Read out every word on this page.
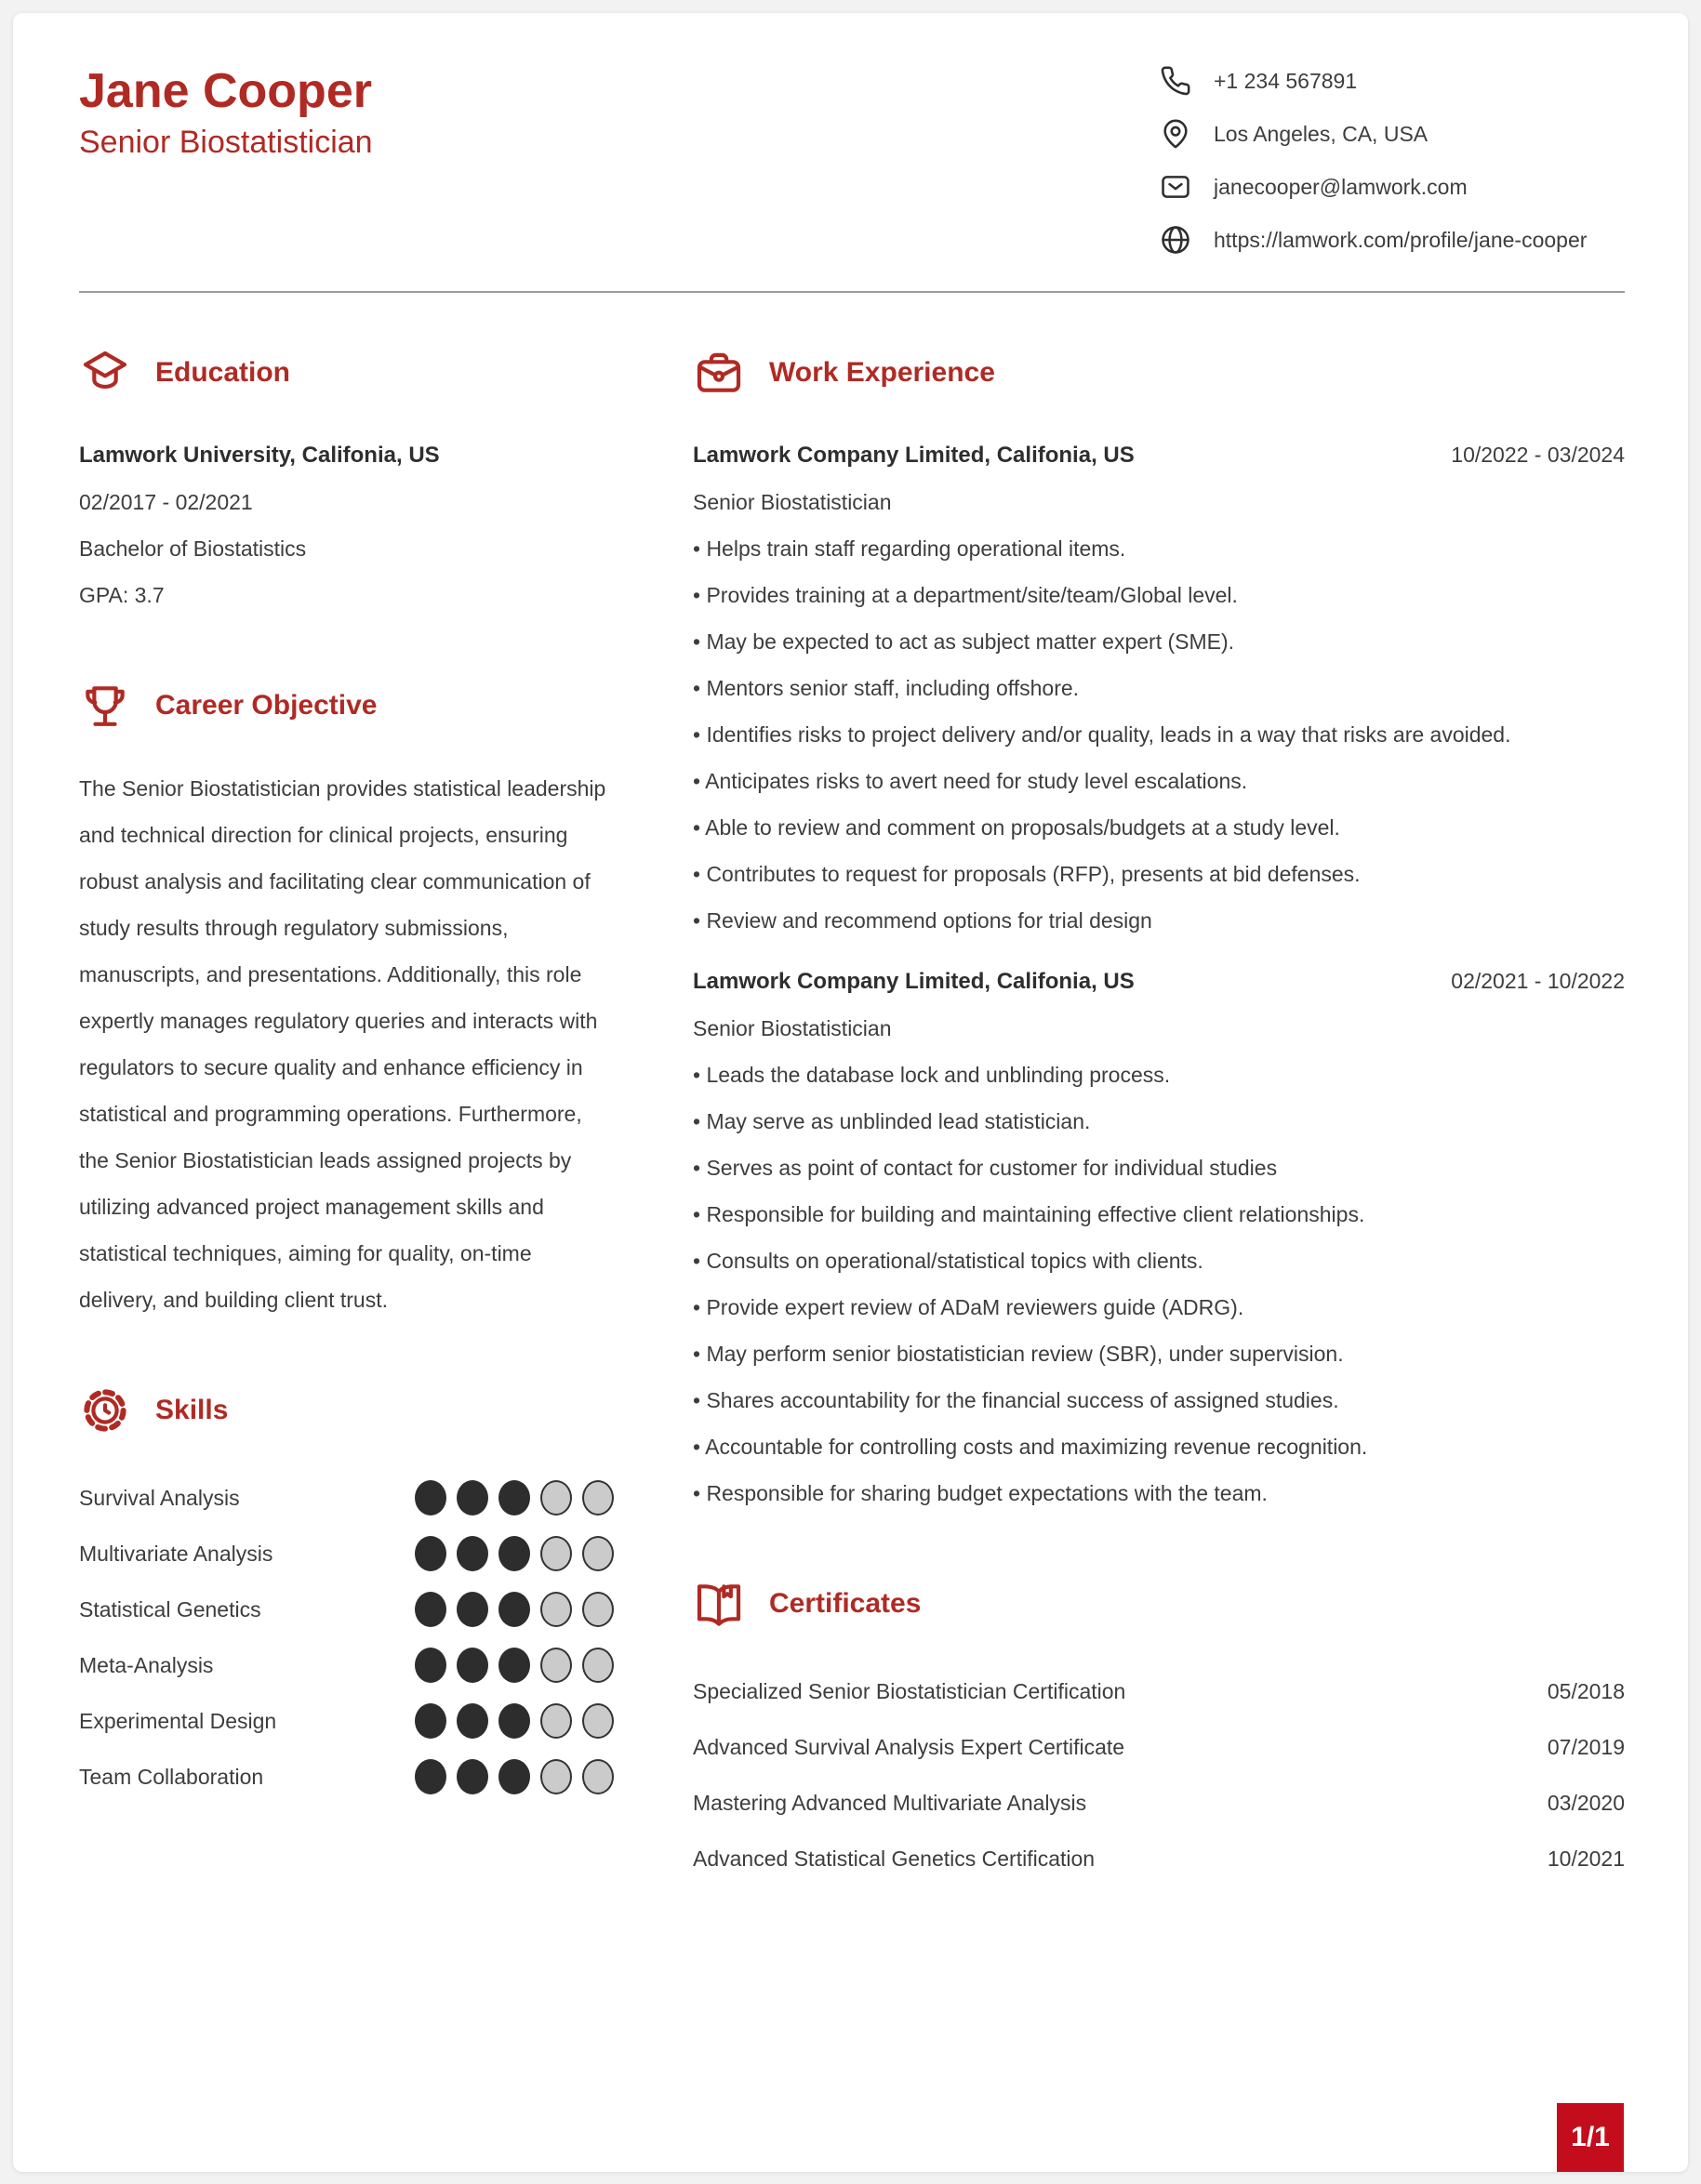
Jane Cooper
Senior Biostatistician
+1 234 567891
Los Angeles, CA, USA
janecooper@lamwork.com
https://lamwork.com/profile/jane-cooper
Education

Lamwork University, Califonia, US

02/2017 - 02/2021

Bachelor of Biostatistics

GPA: 3.7

Career Objective

The Senior Biostatistician provides statistical leadership and technical direction for clinical projects, ensuring robust analysis and facilitating clear communication of study results through regulatory submissions, manuscripts, and presentations. Additionally, this role expertly manages regulatory queries and interacts with regulators to secure quality and enhance efficiency in statistical and programming operations. Furthermore, the Senior Biostatistician leads assigned projects by utilizing advanced project management skills and statistical techniques, aiming for quality, on-time delivery, and building client trust.

Skills
Survival Analysis
Multivariate Analysis
Statistical Genetics
Meta-Analysis
Experimental Design
Team Collaboration
Work Experience

Lamwork Company Limited, Califonia, US	10/2022 - 03/2024

Senior Biostatistician

• Helps train staff regarding operational items.

• Provides training at a department/site/team/Global level.

• May be expected to act as subject matter expert (SME).

• Mentors senior staff, including offshore.

• Identifies risks to project delivery and/or quality, leads in a way that risks are avoided.

• Anticipates risks to avert need for study level escalations.

• Able to review and comment on proposals/budgets at a study level.

• Contributes to request for proposals (RFP), presents at bid defenses.

• Review and recommend options for trial design

Lamwork Company Limited, Califonia, US	02/2021 - 10/2022

Senior Biostatistician

• Leads the database lock and unblinding process.

• May serve as unblinded lead statistician.

• Serves as point of contact for customer for individual studies

• Responsible for building and maintaining effective client relationships.

• Consults on operational/statistical topics with clients.

• Provide expert review of ADaM reviewers guide (ADRG).

• May perform senior biostatistician review (SBR), under supervision.

• Shares accountability for the financial success of assigned studies.

• Accountable for controlling costs and maximizing revenue recognition.

• Responsible for sharing budget expectations with the team.

Certificates
Specialized Senior Biostatistician Certification	05/2018
Advanced Survival Analysis Expert Certificate	07/2019
Mastering Advanced Multivariate Analysis	03/2020
Advanced Statistical Genetics Certification	10/2021
1/1
